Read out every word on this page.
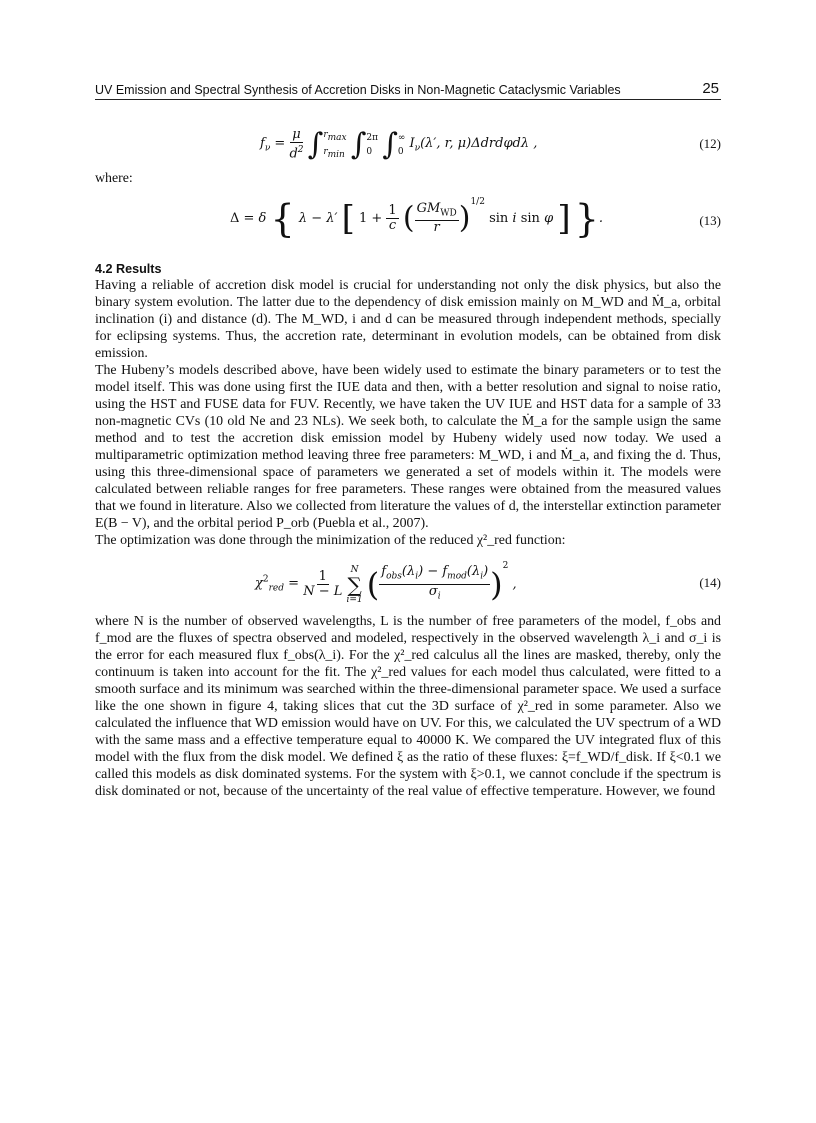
UV Emission and Spectral Synthesis of Accretion Disks in Non-Magnetic Cataclysmic Variables	25
$f_\nu = \frac{\mu}{d^2}$ ∫ $r_{max}$
$r_{min}$ ∫ 2π
0 ∫ ∞
0
$I_\nu(\lambda'$, r, μ)Δdrdφdλ ,	(12)

where:

Δ = δ { λ − λ′ [ $1 + \frac{1}{c}$ ( $\frac{GM_{WD}}{r} )^{1/2}$ sin i sin φ ] }.	(13)

4.2 Results

Having a reliable of accretion disk model is crucial for understanding not only the disk physics, but also the binary system evolution. The latter due to the dependency of disk emission mainly on M_WD and Ṁ_a, orbital inclination (i) and distance (d). The M_WD, i and d can be measured through independent methods, specially for eclipsing systems. Thus, the accretion rate, determinant in evolution models, can be obtained from disk emission.

The Hubeny’s models described above, have been widely used to estimate the binary parameters or to test the model itself. This was done using first the IUE data and then, with a better resolution and signal to noise ratio, using the HST and FUSE data for FUV. Recently, we have taken the UV IUE and HST data for a sample of 33 non-magnetic CVs (10 old Ne and 23 NLs). We seek both, to calculate the Ṁ_a for the sample usign the same method and to test the accretion disk emission model by Hubeny widely used now today. We used a multiparametric optimization method leaving three free parameters: M_WD, i and Ṁ_a, and fixing the d. Thus, using this three-dimensional space of parameters we generated a set of models within it. The models were calculated between reliable ranges for free parameters. These ranges were obtained from the measured values that we found in literature. Also we collected from literature the values of d, the interstellar extinction parameter E(B − V), and the orbital period P_orb (Puebla et al., 2007).

The optimization was done through the minimization of the reduced χ²_red function:

$\chi^2_{red} = \frac{1}{N - L}$

N
∑
i=1 ( $\frac{f_{obs}(\lambda_i) - f_{mod}(\lambda_i)}{\sigma_i} )^2$ ,	(14)

where N is the number of observed wavelengths, L is the number of free parameters of the model, f_obs and f_mod are the fluxes of spectra observed and modeled, respectively in the observed wavelength λ_i and σ_i is the error for each measured flux f_obs(λ_i). For the χ²_red calculus all the lines are masked, thereby, only the continuum is taken into account for the fit. The χ²_red values for each model thus calculated, were fitted to a smooth surface and its minimum was searched within the three-dimensional parameter space. We used a surface like the one shown in figure 4, taking slices that cut the 3D surface of χ²_red in some parameter. Also we calculated the influence that WD emission would have on UV. For this, we calculated the UV spectrum of a WD with the same mass and a effective temperature equal to 40000 K. We compared the UV integrated flux of this model with the flux from the disk model. We defined ξ as the ratio of these fluxes: ξ=f_WD/f_disk. If ξ<0.1 we called this models as disk dominated systems. For the system with ξ>0.1, we cannot conclude if the spectrum is disk dominated or not, because of the uncertainty of the real value of effective temperature. However, we found
